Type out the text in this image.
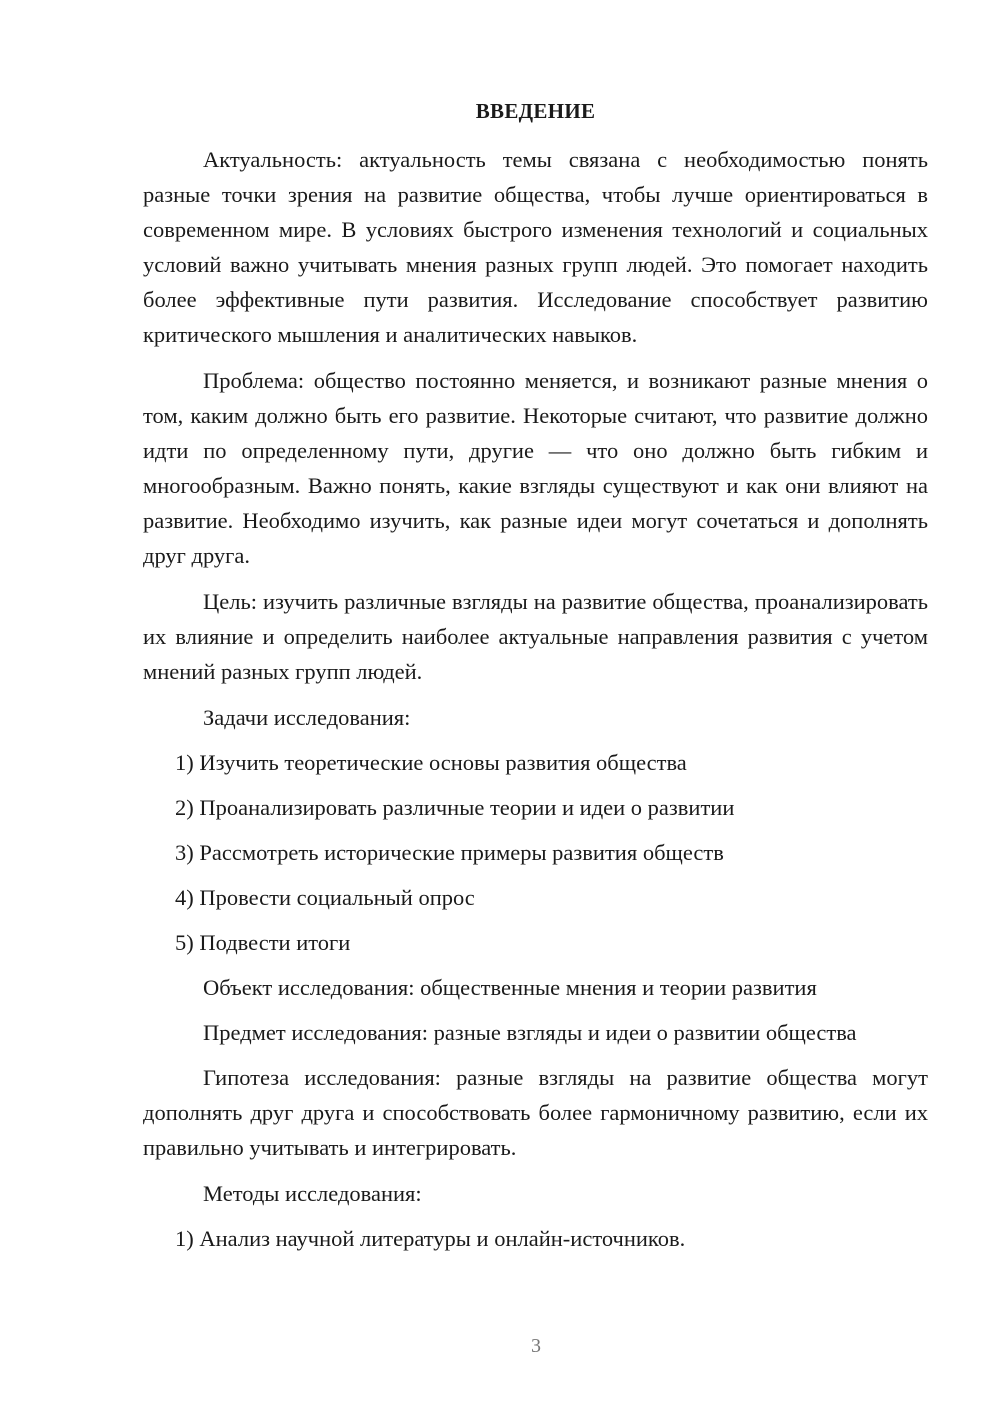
ВВЕДЕНИЕ

Актуальность: актуальность темы связана с необходимостью понять разные точки зрения на развитие общества, чтобы лучше ориентироваться в современном мире. В условиях быстрого изменения технологий и социальных условий важно учитывать мнения разных групп людей. Это помогает находить более эффективные пути развития. Исследование способствует развитию критического мышления и аналитических навыков.

Проблема: общество постоянно меняется, и возникают разные мнения о том, каким должно быть его развитие. Некоторые считают, что развитие должно идти по определенному пути, другие — что оно должно быть гибким и многообразным. Важно понять, какие взгляды существуют и как они влияют на развитие. Необходимо изучить, как разные идеи могут сочетаться и дополнять друг друга.

Цель: изучить различные взгляды на развитие общества, проанализировать их влияние и определить наиболее актуальные направления развития с учетом мнений разных групп людей.

Задачи исследования:

1) Изучить теоретические основы развития общества

2) Проанализировать различные теории и идеи о развитии

3) Рассмотреть исторические примеры развития обществ

4) Провести социальный опрос

5) Подвести итоги

Объект исследования: общественные мнения и теории развития

Предмет исследования: разные взгляды и идеи о развитии общества

Гипотеза исследования: разные взгляды на развитие общества могут дополнять друг друга и способствовать более гармоничному развитию, если их правильно учитывать и интегрировать.

Методы исследования:

1) Анализ научной литературы и онлайн-источников.

3
